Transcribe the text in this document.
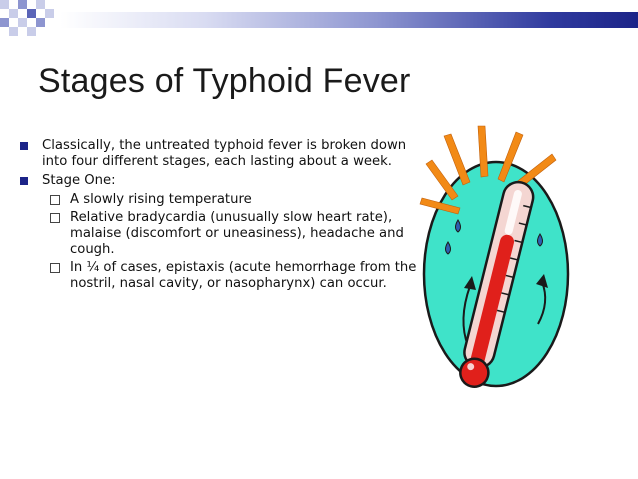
Stages of Typhoid Fever
Classically, the untreated typhoid fever is broken down into four different stages, each lasting about a week.
Stage One:
A slowly rising temperature
Relative bradycardia (unusually slow heart rate), malaise (discomfort or uneasiness), headache and cough.
In ¼ of cases, epistaxis (acute hemorrhage from the nostril, nasal cavity, or nasopharynx) can occur.
